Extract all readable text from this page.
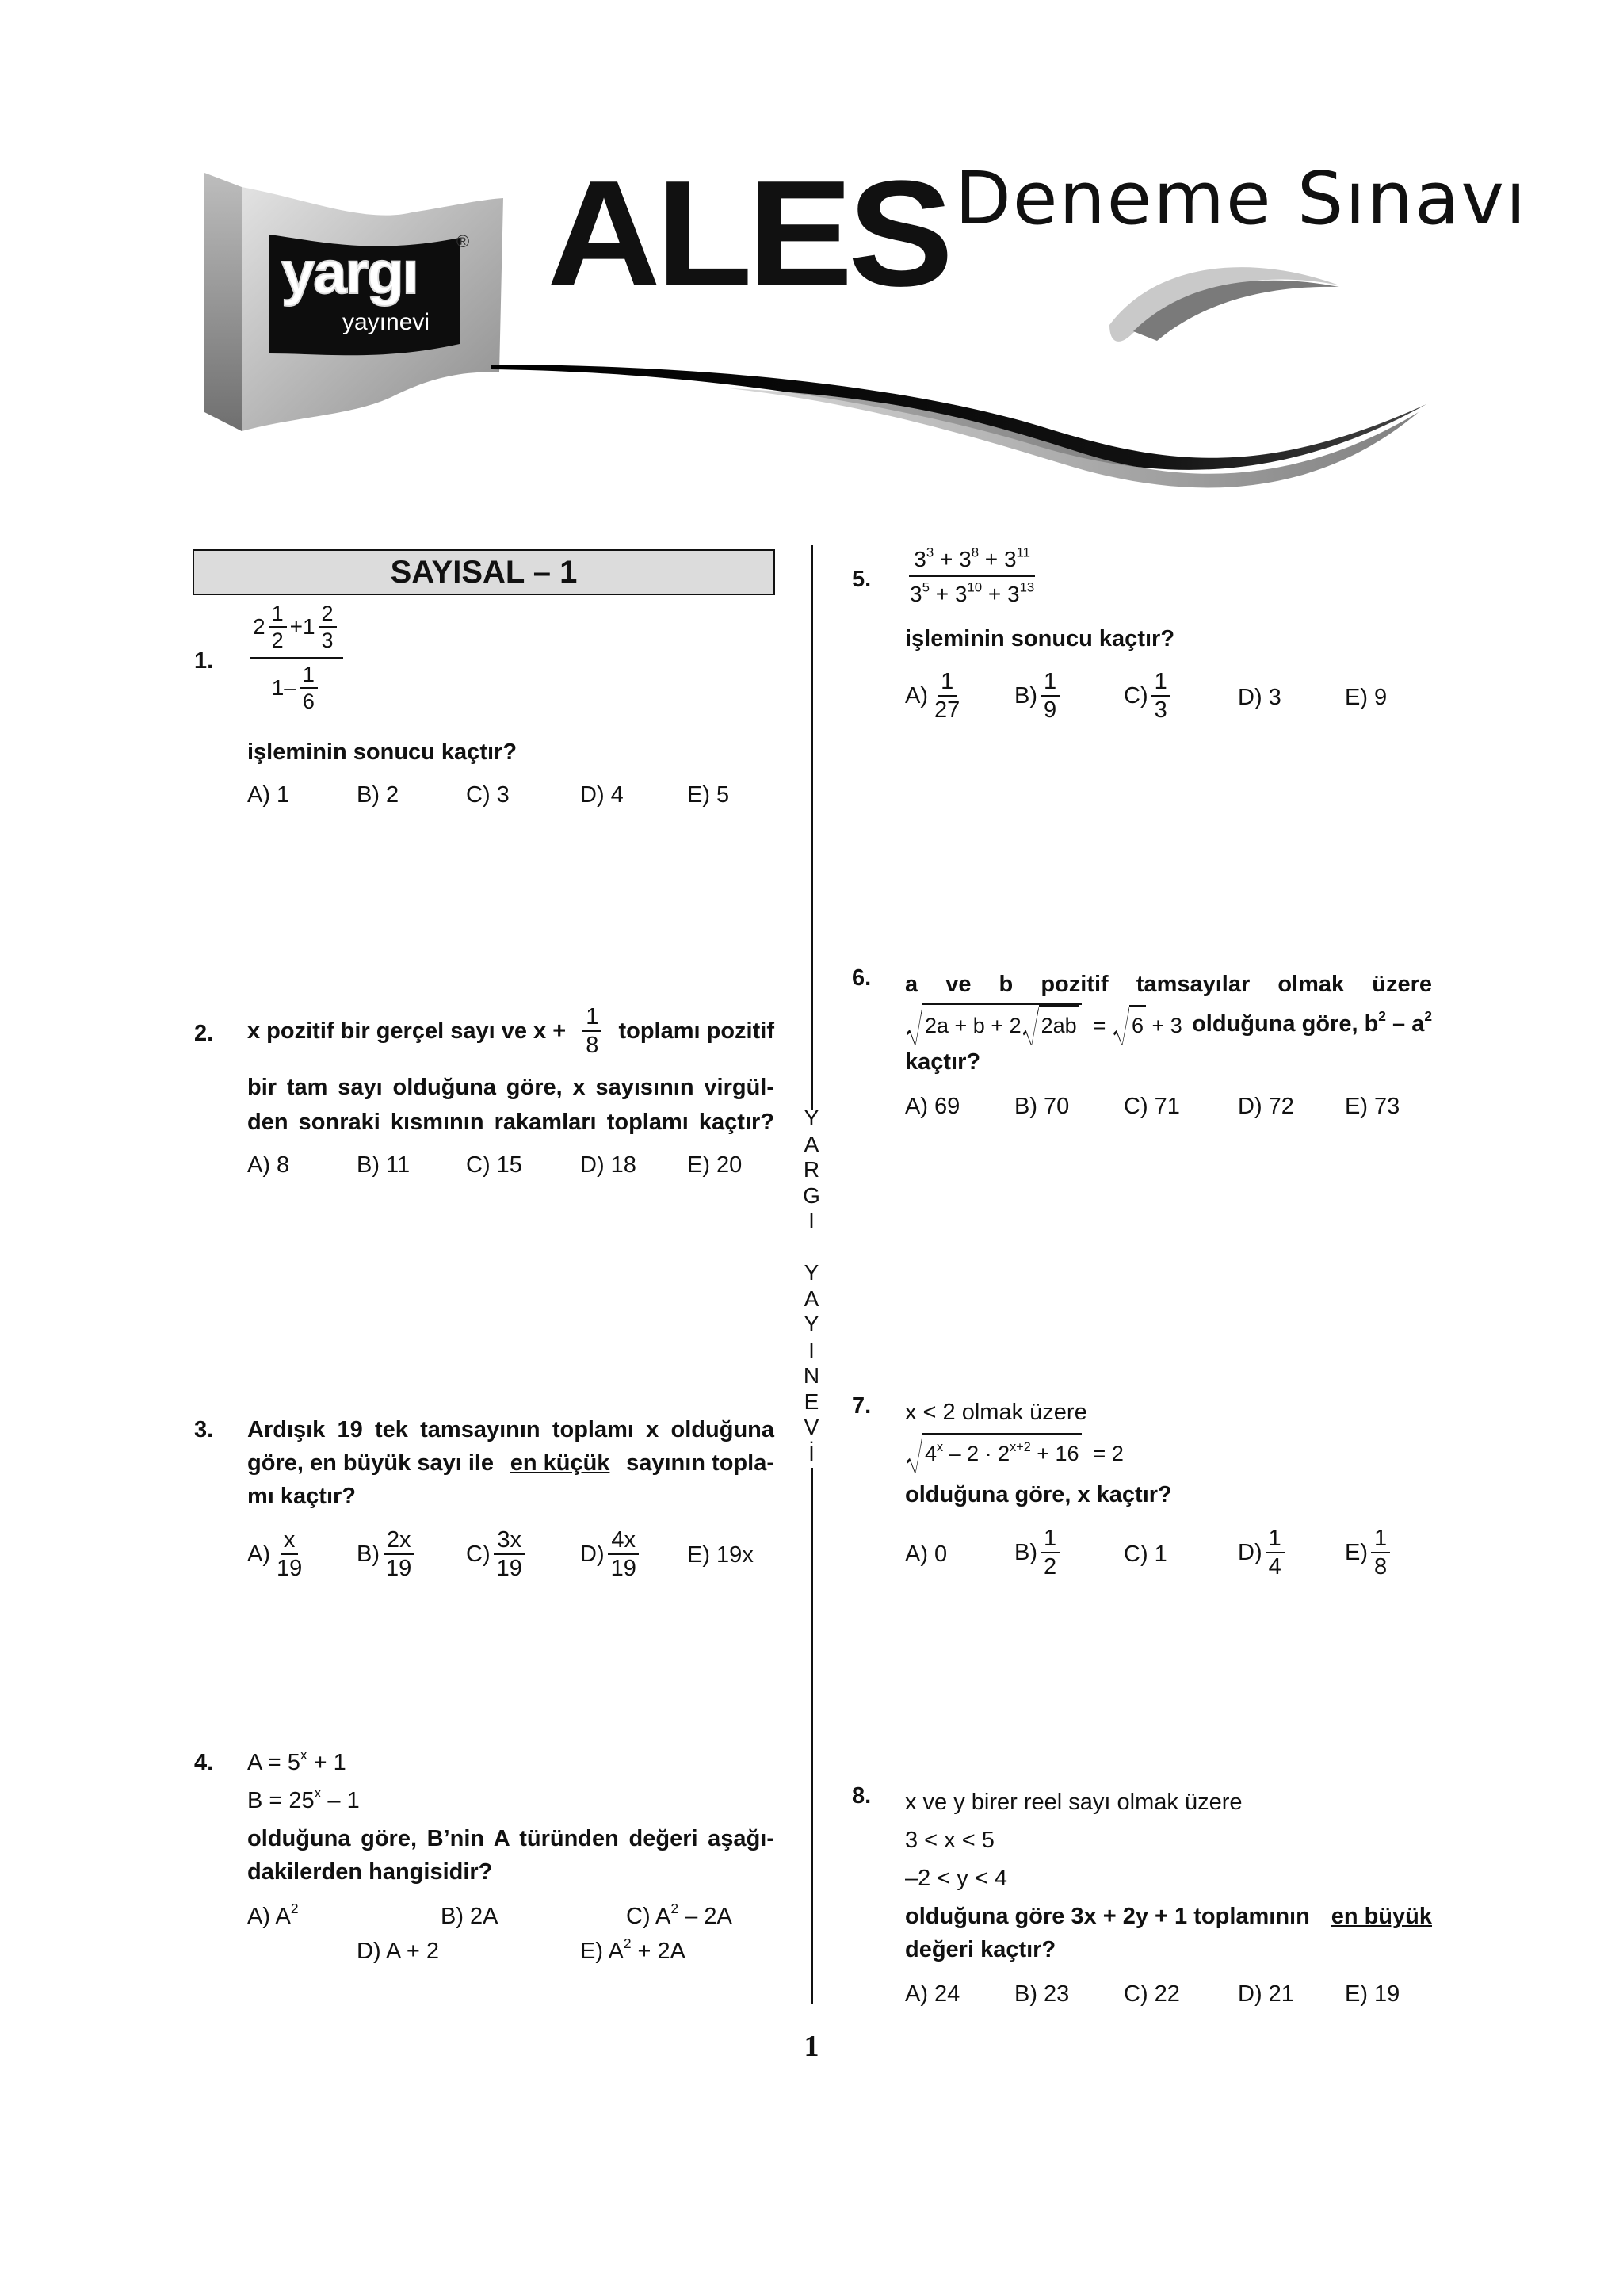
yargı
yayınevi
® ALES Deneme Sınavı
SAYISAL – 1
Y
A
R
G
I

Y
A
Y
I
N
E
V
İ
1. $\frac{2 \frac{1}{2} +1 \frac{2}{3}}{1- \frac{1}{6}}$
işleminin sonucu kaçtır?
A) 1	B) 2	C) 3	D) 4	E) 5
2. x pozitif bir gerçel sayı ve $x + \frac{1}{8}$ toplamı pozitif
bir tam sayı olduğuna göre, x sayısının virgül-
den sonraki kısmının rakamları toplamı kaçtır?
A) 8	B) 11 C) 15	D) 18 E) 20
3. Ardışık 19 tek tamsayının toplamı x olduğuna
göre, en büyük sayı ile en küçük sayının topla-
mı kaçtır?
$A) \frac{x}{19} B) \frac{2x}{19} C) \frac{3x}{19} D) \frac{4x}{19} E$) 19x
4. $A = 5^x + 1$
$B = 25^x - 1$
olduğuna göre, B’nin A türünden değeri aşağı-
dakilerden hangisidir?
A) $A^2$	B) 2A	C) $A^2 - 2A$
D) A + 2	E) $A^2 + 2A$
5. $\frac{3^3 + 3^8 + 3^{11}}{3^5 + 3^{10} + 3^{13}}$
işleminin sonucu kaçtır?
$A) \frac{1}{27} B) \frac{1}{9}$	$C) \frac{1}{3}$	D) 3	E) 9
6. a ve b pozitif tamsayılar olmak üzere
2a + b + 2 2ab  = 6 + 3 olduğuna göre, $b^2 - a^2$
kaçtır?
A) 69 B) 70 C) 71	D) 72 E) 73
7. x < 2 olmak üzere
$4^x - 2 \cdot 2^{x+2} + 16 = 2$
olduğuna göre, x kaçtır?
A) 0	$B) \frac{1}{2}$	C) 1	$D) \frac{1}{4}$	$E) \frac{1}{8}$
8. x ve y birer reel sayı olmak üzere
3 < x < 5
–2 < y < 4
olduğuna göre 3x + 2y + 1 toplamının en büyük
değeri kaçtır?
A) 24 B) 23 C) 22	D) 21 E) 19
1
